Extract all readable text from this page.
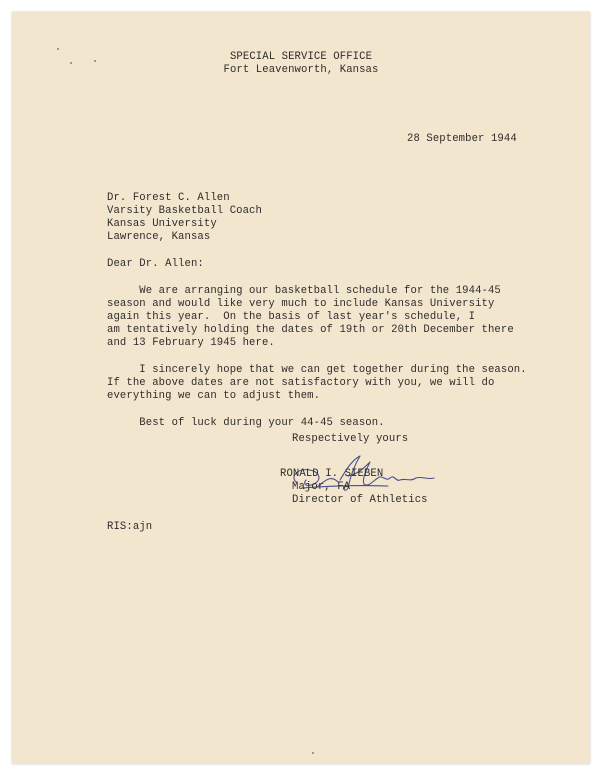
SPECIAL SERVICE OFFICE
Fort Leavenworth, Kansas
28 September 1944
Dr. Forest C. Allen
Varsity Basketball Coach
Kansas University
Lawrence, Kansas
Dear Dr. Allen:
We are arranging our basketball schedule for the 1944-45
season and would like very much to include Kansas University
again this year.  On the basis of last year's schedule, I
am tentatively holding the dates of 19th or 20th December there
and 13 February 1945 here.
I sincerely hope that we can get together during the season.
If the above dates are not satisfactory with you, we will do
everything we can to adjust them.
Best of luck during your 44-45 season.
Respectively yours
RONALD I. SIEBEN
Major, FA
Director of Athletics
RIS:ajn
